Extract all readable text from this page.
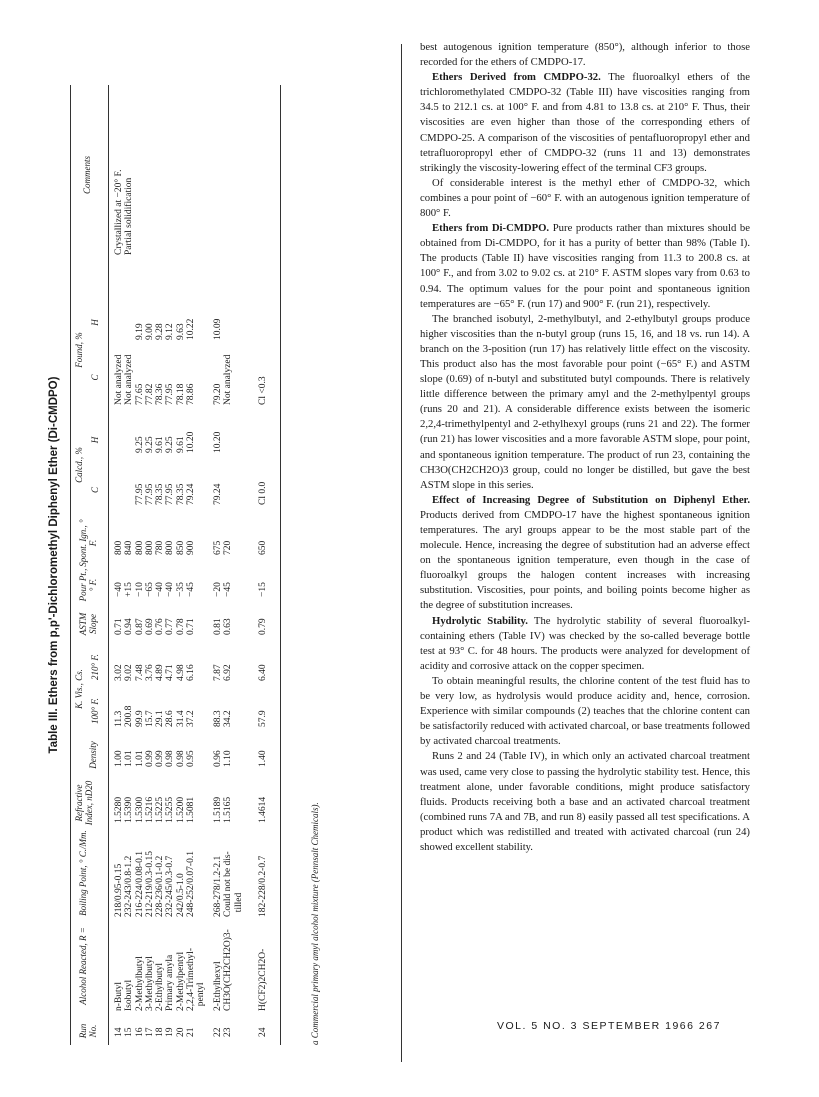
Table III. Ethers from p,p'-Dichloromethyl Diphenyl Ether (Di-CMDPO)
Run No.
Alcohol Reacted, R =
Boiling Point, ° C./Mm.
Refractive Index, nD20
Density
K. Vis., Cs.
100° F.
210° F.
ASTM Slope
Pour Pt., ° F.
Spont. Ign., ° F.
Calcd., %
C
H
Found, %
C
H
Comments
14
15
16
17
18
19
20
21
n-Butyl
Isobutyl
2-Methylbutyl
3-Methylbutyl
2-Ethylbutyl
Primary amyla
2-Methylpentyl
2,2,4-Trimethyl-
pentyl
218/0.95-0.15
232-243/0.8-1.2
216-224/0.08-0.1
212-219/0.3-0.15
228-236/0.1-0.2
232-245/0.3-0.7
242/0.5-1.0
248-252/0.07-0.1
1.5280
1.5390
1.5300
1.5216
1.5225
1.5255
1.5200
1.5081
1.00
1.01
1.01
0.99
0.99
0.98
0.98
0.95
11.3
200.8
99.9
15.7
29.1
28.6
31.4
37.2
3.02
9.02
7.48
3.76
4.89
4.71
4.98
6.16
0.71
0.94
0.87
0.69
0.76
0.77
0.78
0.71
−40
+15
−10
−65
−40
−40
−35
−45
800
840
800
800
780
800
850
900

77.95
77.95
78.35
77.95
78.35
79.24

9.25
9.25
9.61
9.25
9.61
10.20
Not analyzed
Not analyzed
77.65
77.82
78.36
77.95
78.18
78.86

9.19
9.00
9.28
9.12
9.63
10.22
Crystallized at −20° F.
Partial solidification
22
23
2-Ethylhexyl
CH3O(CH2CH2O)3-
268-278/1.2-2.1
Could not be dis-
tilled
1.5189
1.5165
0.96
1.10
88.3
34.2
7.87
6.92
0.81
0.63
−20
−45
675
720
79.24
10.20
79.20
Not analyzed
10.09
24
H(CF2)2CH2O-
182-228/0.2-0.7
1.4614
1.40
57.9
6.40
0.79
−15
650
Cl 0.0
Cl <0.3
a Commercial primary amyl alcohol mixture (Pennsalt Chemicals).

best autogenous ignition temperature (850°), although inferior to those recorded for the ethers of CMDPO-17.

Ethers Derived from CMDPO-32. The fluoroalkyl ethers of the trichloromethylated CMDPO-32 (Table III) have viscosities ranging from 34.5 to 212.1 cs. at 100° F. and from 4.81 to 13.8 cs. at 210° F. Thus, their viscosities are even higher than those of the corresponding ethers of CMDPO-25. A comparison of the viscosities of pentafluoropropyl ether and tetrafluoropropyl ether of CMDPO-32 (runs 11 and 13) demonstrates strikingly the viscosity-lowering effect of the terminal CF3 groups.

Of considerable interest is the methyl ether of CMDPO-32, which combines a pour point of −60° F. with an autogenous ignition temperature of 800° F.

Ethers from Di-CMDPO. Pure products rather than mixtures should be obtained from Di-CMDPO, for it has a purity of better than 98% (Table I). The products (Table II) have viscosities ranging from 11.3 to 200.8 cs. at 100° F., and from 3.02 to 9.02 cs. at 210° F. ASTM slopes vary from 0.63 to 0.94. The optimum values for the pour point and spontaneous ignition temperatures are −65° F. (run 17) and 900° F. (run 21), respectively.

The branched isobutyl, 2-methylbutyl, and 2-ethylbutyl groups produce higher viscosities than the n-butyl group (runs 15, 16, and 18 vs. run 14). A branch on the 3-position (run 17) has relatively little effect on the viscosity. This product also has the most favorable pour point (−65° F.) and ASTM slope (0.69) of n-butyl and substituted butyl compounds. There is relatively little difference between the primary amyl and the 2-methylpentyl groups (runs 20 and 21). A considerable difference exists between the isomeric 2,2,4-trimethylpentyl and 2-ethylhexyl groups (runs 21 and 22). The former (run 21) has lower viscosities and a more favorable ASTM slope, pour point, and spontaneous ignition temperature. The product of run 23, containing the CH3O(CH2CH2O)3 group, could no longer be distilled, but gave the best ASTM slope in this series.

Effect of Increasing Degree of Substitution on Diphenyl Ether. Products derived from CMDPO-17 have the highest spontaneous ignition temperatures. The aryl groups appear to be the most stable part of the molecule. Hence, increasing the degree of substitution had an adverse effect on the spontaneous ignition temperature, even though in the case of fluoroalkyl groups the halogen content increases with increasing substitution. Viscosities, pour points, and boiling points become higher as the degree of substitution increases.

Hydrolytic Stability. The hydrolytic stability of several fluoroalkyl-containing ethers (Table IV) was checked by the so-called beverage bottle test at 93° C. for 48 hours. The products were analyzed for development of acidity and corrosive attack on the copper specimen.

To obtain meaningful results, the chlorine content of the test fluid has to be very low, as hydrolysis would produce acidity and, hence, corrosion. Experience with similar compounds (2) teaches that the chlorine content can be satisfactorily reduced with activated charcoal, or base treatments followed by activated charcoal treatments.

Runs 2 and 24 (Table IV), in which only an activated charcoal treatment was used, came very close to passing the hydrolytic stability test. Hence, this treatment alone, under favorable conditions, might produce satisfactory fluids. Products receiving both a base and an activated charcoal treatment (combined runs 7A and 7B, and run 8) easily passed all test specifications. A product which was redistilled and treated with activated charcoal (run 24) showed excellent stability.

VOL. 5 NO. 3 SEPTEMBER 1966 267
